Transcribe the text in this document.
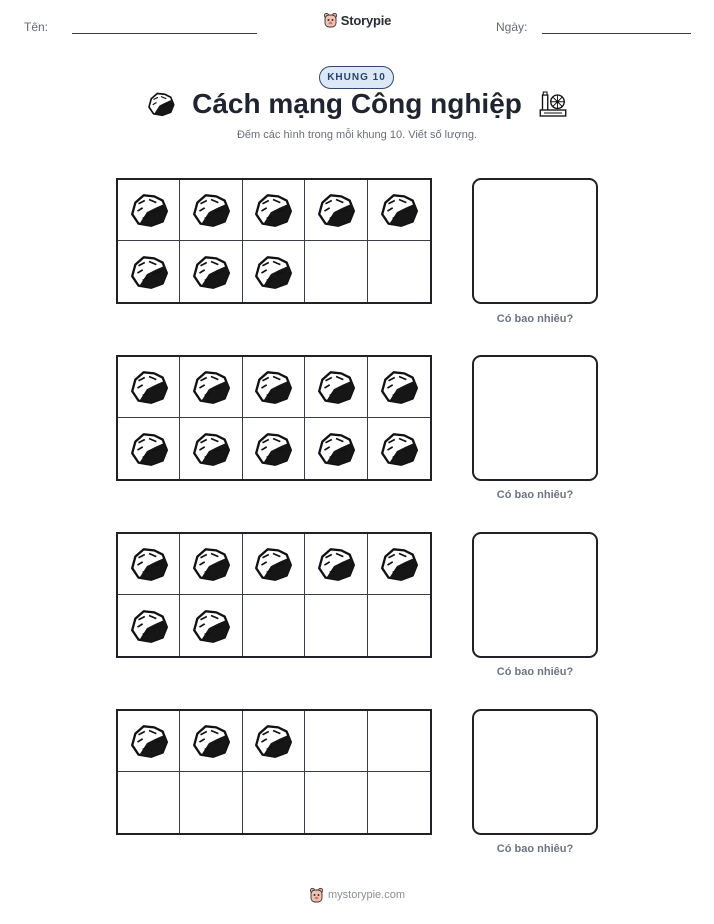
Tên:	Storypie	Ngày:
KHUNG 10
Cách mạng Công nghiệp
Đếm các hình trong mỗi khung 10. Viết số lượng.
Có bao nhiêu?
Có bao nhiêu?
Có bao nhiêu?
Có bao nhiêu?
mystorypie.com
